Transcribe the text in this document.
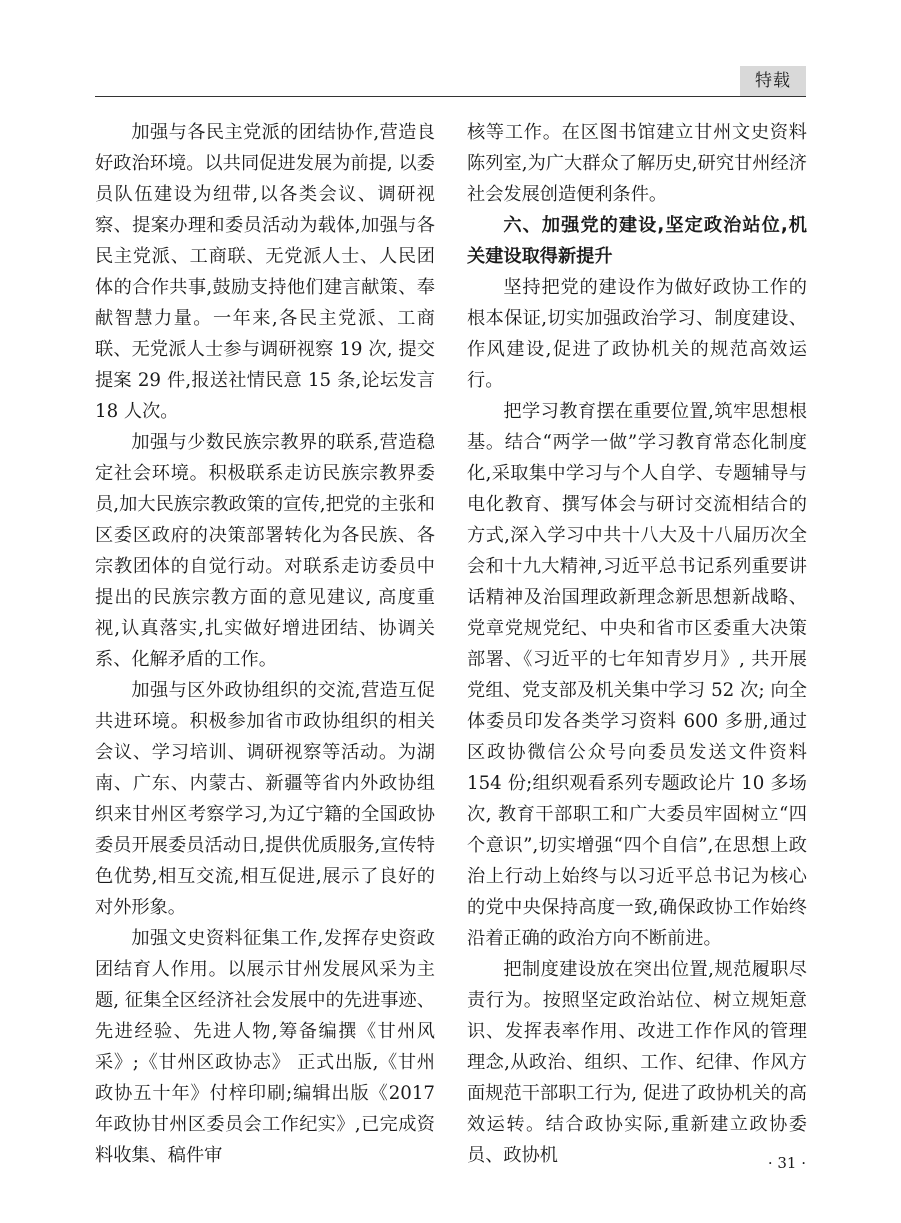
特载

加强与各民主党派的团结协作,营造良好政治环境。以共同促进发展为前提, 以委员队伍建设为纽带,以各类会议、调研视察、提案办理和委员活动为载体,加强与各民主党派、工商联、无党派人士、人民团体的合作共事,鼓励支持他们建言献策、奉献智慧力量。一年来,各民主党派、工商联、无党派人士参与调研视察 19 次, 提交提案 29 件,报送社情民意 15 条,论坛发言 18 人次。

加强与少数民族宗教界的联系,营造稳定社会环境。积极联系走访民族宗教界委员,加大民族宗教政策的宣传,把党的主张和区委区政府的决策部署转化为各民族、各宗教团体的自觉行动。对联系走访委员中提出的民族宗教方面的意见建议, 高度重视,认真落实,扎实做好增进团结、协调关系、化解矛盾的工作。

加强与区外政协组织的交流,营造互促共进环境。积极参加省市政协组织的相关会议、学习培训、调研视察等活动。为湖南、广东、内蒙古、新疆等省内外政协组织来甘州区考察学习,为辽宁籍的全国政协委员开展委员活动日,提供优质服务,宣传特色优势,相互交流,相互促进,展示了良好的对外形象。

加强文史资料征集工作,发挥存史资政团结育人作用。以展示甘州发展风采为主题, 征集全区经济社会发展中的先进事迹、先进经验、先进人物,筹备编撰《甘州风采》;《甘州区政协志》 正式出版,《甘州政协五十年》付梓印刷;编辑出版《2017 年政协甘州区委员会工作纪实》,已完成资料收集、稿件审

核等工作。在区图书馆建立甘州文史资料陈列室,为广大群众了解历史,研究甘州经济社会发展创造便利条件。

六、加强党的建设,坚定政治站位,机关建设取得新提升

坚持把党的建设作为做好政协工作的根本保证,切实加强政治学习、制度建设、作风建设,促进了政协机关的规范高效运行。

把学习教育摆在重要位置,筑牢思想根基。结合“两学一做”学习教育常态化制度化,采取集中学习与个人自学、专题辅导与电化教育、撰写体会与研讨交流相结合的方式,深入学习中共十八大及十八届历次全会和十九大精神,习近平总书记系列重要讲话精神及治国理政新理念新思想新战略、党章党规党纪、中央和省市区委重大决策部署、《习近平的七年知青岁月》, 共开展党组、党支部及机关集中学习 52 次; 向全体委员印发各类学习资料 600 多册,通过区政协微信公众号向委员发送文件资料 154 份;组织观看系列专题政论片 10 多场次, 教育干部职工和广大委员牢固树立“四个意识”,切实增强“四个自信”,在思想上政治上行动上始终与以习近平总书记为核心的党中央保持高度一致,确保政协工作始终沿着正确的政治方向不断前进。

把制度建设放在突出位置,规范履职尽责行为。按照坚定政治站位、树立规矩意识、发挥表率作用、改进工作作风的管理理念,从政治、组织、工作、纪律、作风方面规范干部职工行为, 促进了政协机关的高效运转。结合政协实际,重新建立政协委员、政协机	· 31 ·
